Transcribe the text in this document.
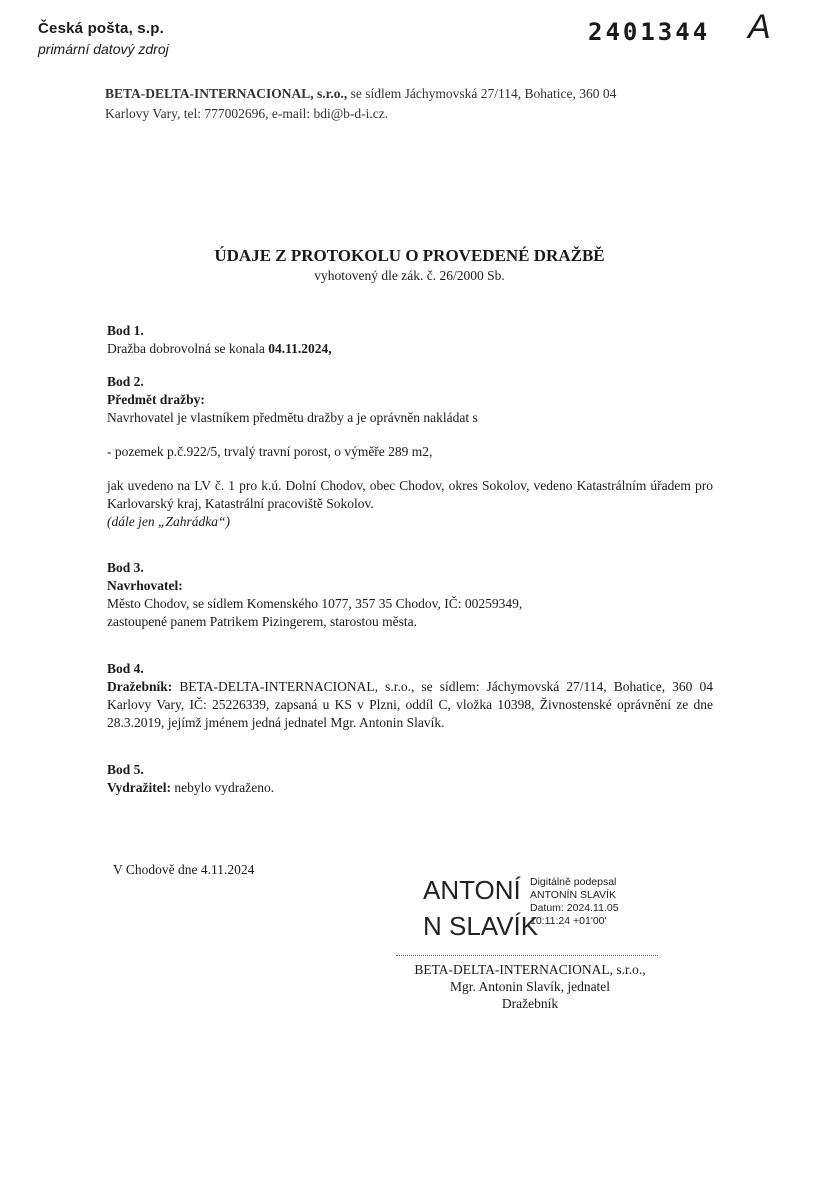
Česká pošta, s.p.
primární datový zdroj
2401344 A
BETA-DELTA-INTERNACIONAL, s.r.o., se sídlem Jáchymovská 27/114, Bohatice, 360 04
Karlovy Vary, tel: 777002696, e-mail: bdi@b-d-i.cz.
ÚDAJE Z PROTOKOLU O PROVEDENÉ DRAŽBĚ
vyhotovený dle zák. č. 26/2000 Sb.
Bod 1.
Dražba dobrovolná se konala 04.11.2024,
Bod 2.
Předmět dražby:
Navrhovatel je vlastníkem předmětu dražby a je oprávněn nakládat s
- pozemek p.č.922/5, trvalý travní porost, o výměře 289 m2,
jak uvedeno na LV č. 1 pro k.ú. Dolní Chodov, obec Chodov, okres Sokolov, vedeno Katastrálním úřadem pro Karlovarský kraj, Katastrální pracoviště Sokolov.
(dále jen „Zahrádka“)
Bod 3.
Navrhovatel:
Město Chodov, se sídlem Komenského 1077, 357 35 Chodov, IČ: 00259349,
zastoupené panem Patrikem Pizingerem, starostou města.
Bod 4.
Dražebník: BETA-DELTA-INTERNACIONAL, s.r.o., se sídlem: Jáchymovská 27/114, Bohatice, 360 04 Karlovy Vary, IČ: 25226339, zapsaná u KS v Plzni, oddíl C, vložka 10398, Živnostenské oprávnění ze dne 28.3.2019, jejímž jménem jedná jednatel Mgr. Antonin Slavík.
Bod 5.
Vydražitel: nebylo vydraženo.
V Chodově dne 4.11.2024
ANTONÍ
N SLAVÍK
Digitálně podepsal
ANTONÍN SLAVÍK
Datum: 2024.11.05
10:11:24 +01'00'
BETA-DELTA-INTERNACIONAL, s.r.o.,
Mgr. Antonin Slavík, jednatel
Dražebník
